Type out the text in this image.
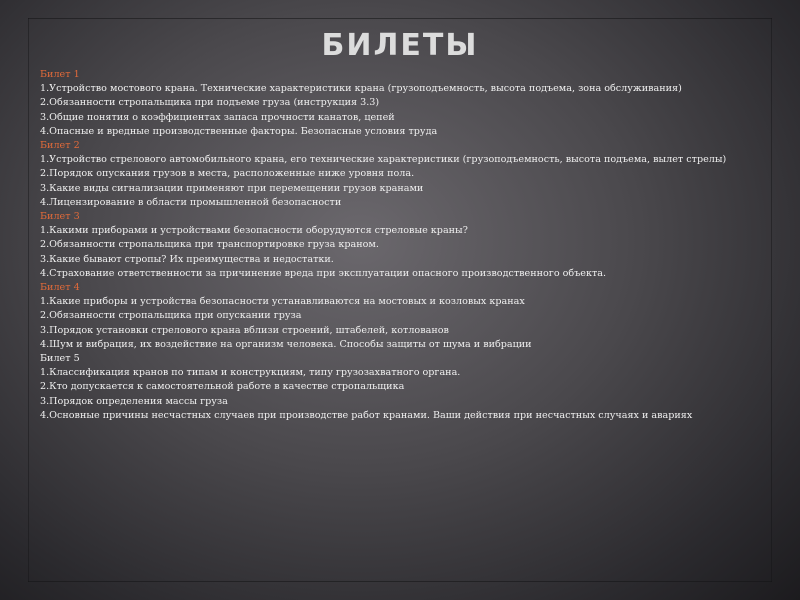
БИЛЕТЫ
Билет 1
1.Устройство мостового крана. Технические характеристики крана (грузоподъемность, высота подъема, зона обслуживания)
2.Обязанности стропальщика при подъеме груза (инструкция 3.3)
3.Общие понятия о коэффициентах запаса прочности канатов, цепей
4.Опасные и вредные производственные факторы. Безопасные условия труда
Билет 2
1.Устройство стрелового автомобильного крана, его технические характеристики (грузоподъемность, высота подъема, вылет стрелы)
2.Порядок опускания грузов в места, расположенные ниже уровня пола.
3.Какие виды сигнализации применяют при перемещении грузов кранами
4.Лицензирование в области промышленной безопасности
Билет 3
1.Какими приборами и устройствами безопасности оборудуются стреловые краны?
2.Обязанности стропальщика при транспортировке груза краном.
3.Какие бывают стропы? Их преимущества и недостатки.
4.Страхование ответственности за причинение вреда при эксплуатации опасного производственного объекта.
Билет 4
1.Какие приборы и устройства безопасности устанавливаются на мостовых и козловых кранах
2.Обязанности стропальщика при опускании груза
3.Порядок установки стрелового крана вблизи строений, штабелей, котлованов
4.Шум и вибрация, их воздействие на организм человека. Способы защиты от шума и вибрации
Билет 5
1.Классификация кранов по типам и конструкциям, типу грузозахватного органа.
2.Кто допускается к самостоятельной работе в качестве стропальщика
3.Порядок определения массы груза
4.Основные причины несчастных случаев при производстве работ кранами. Ваши действия при несчастных случаях и авариях
